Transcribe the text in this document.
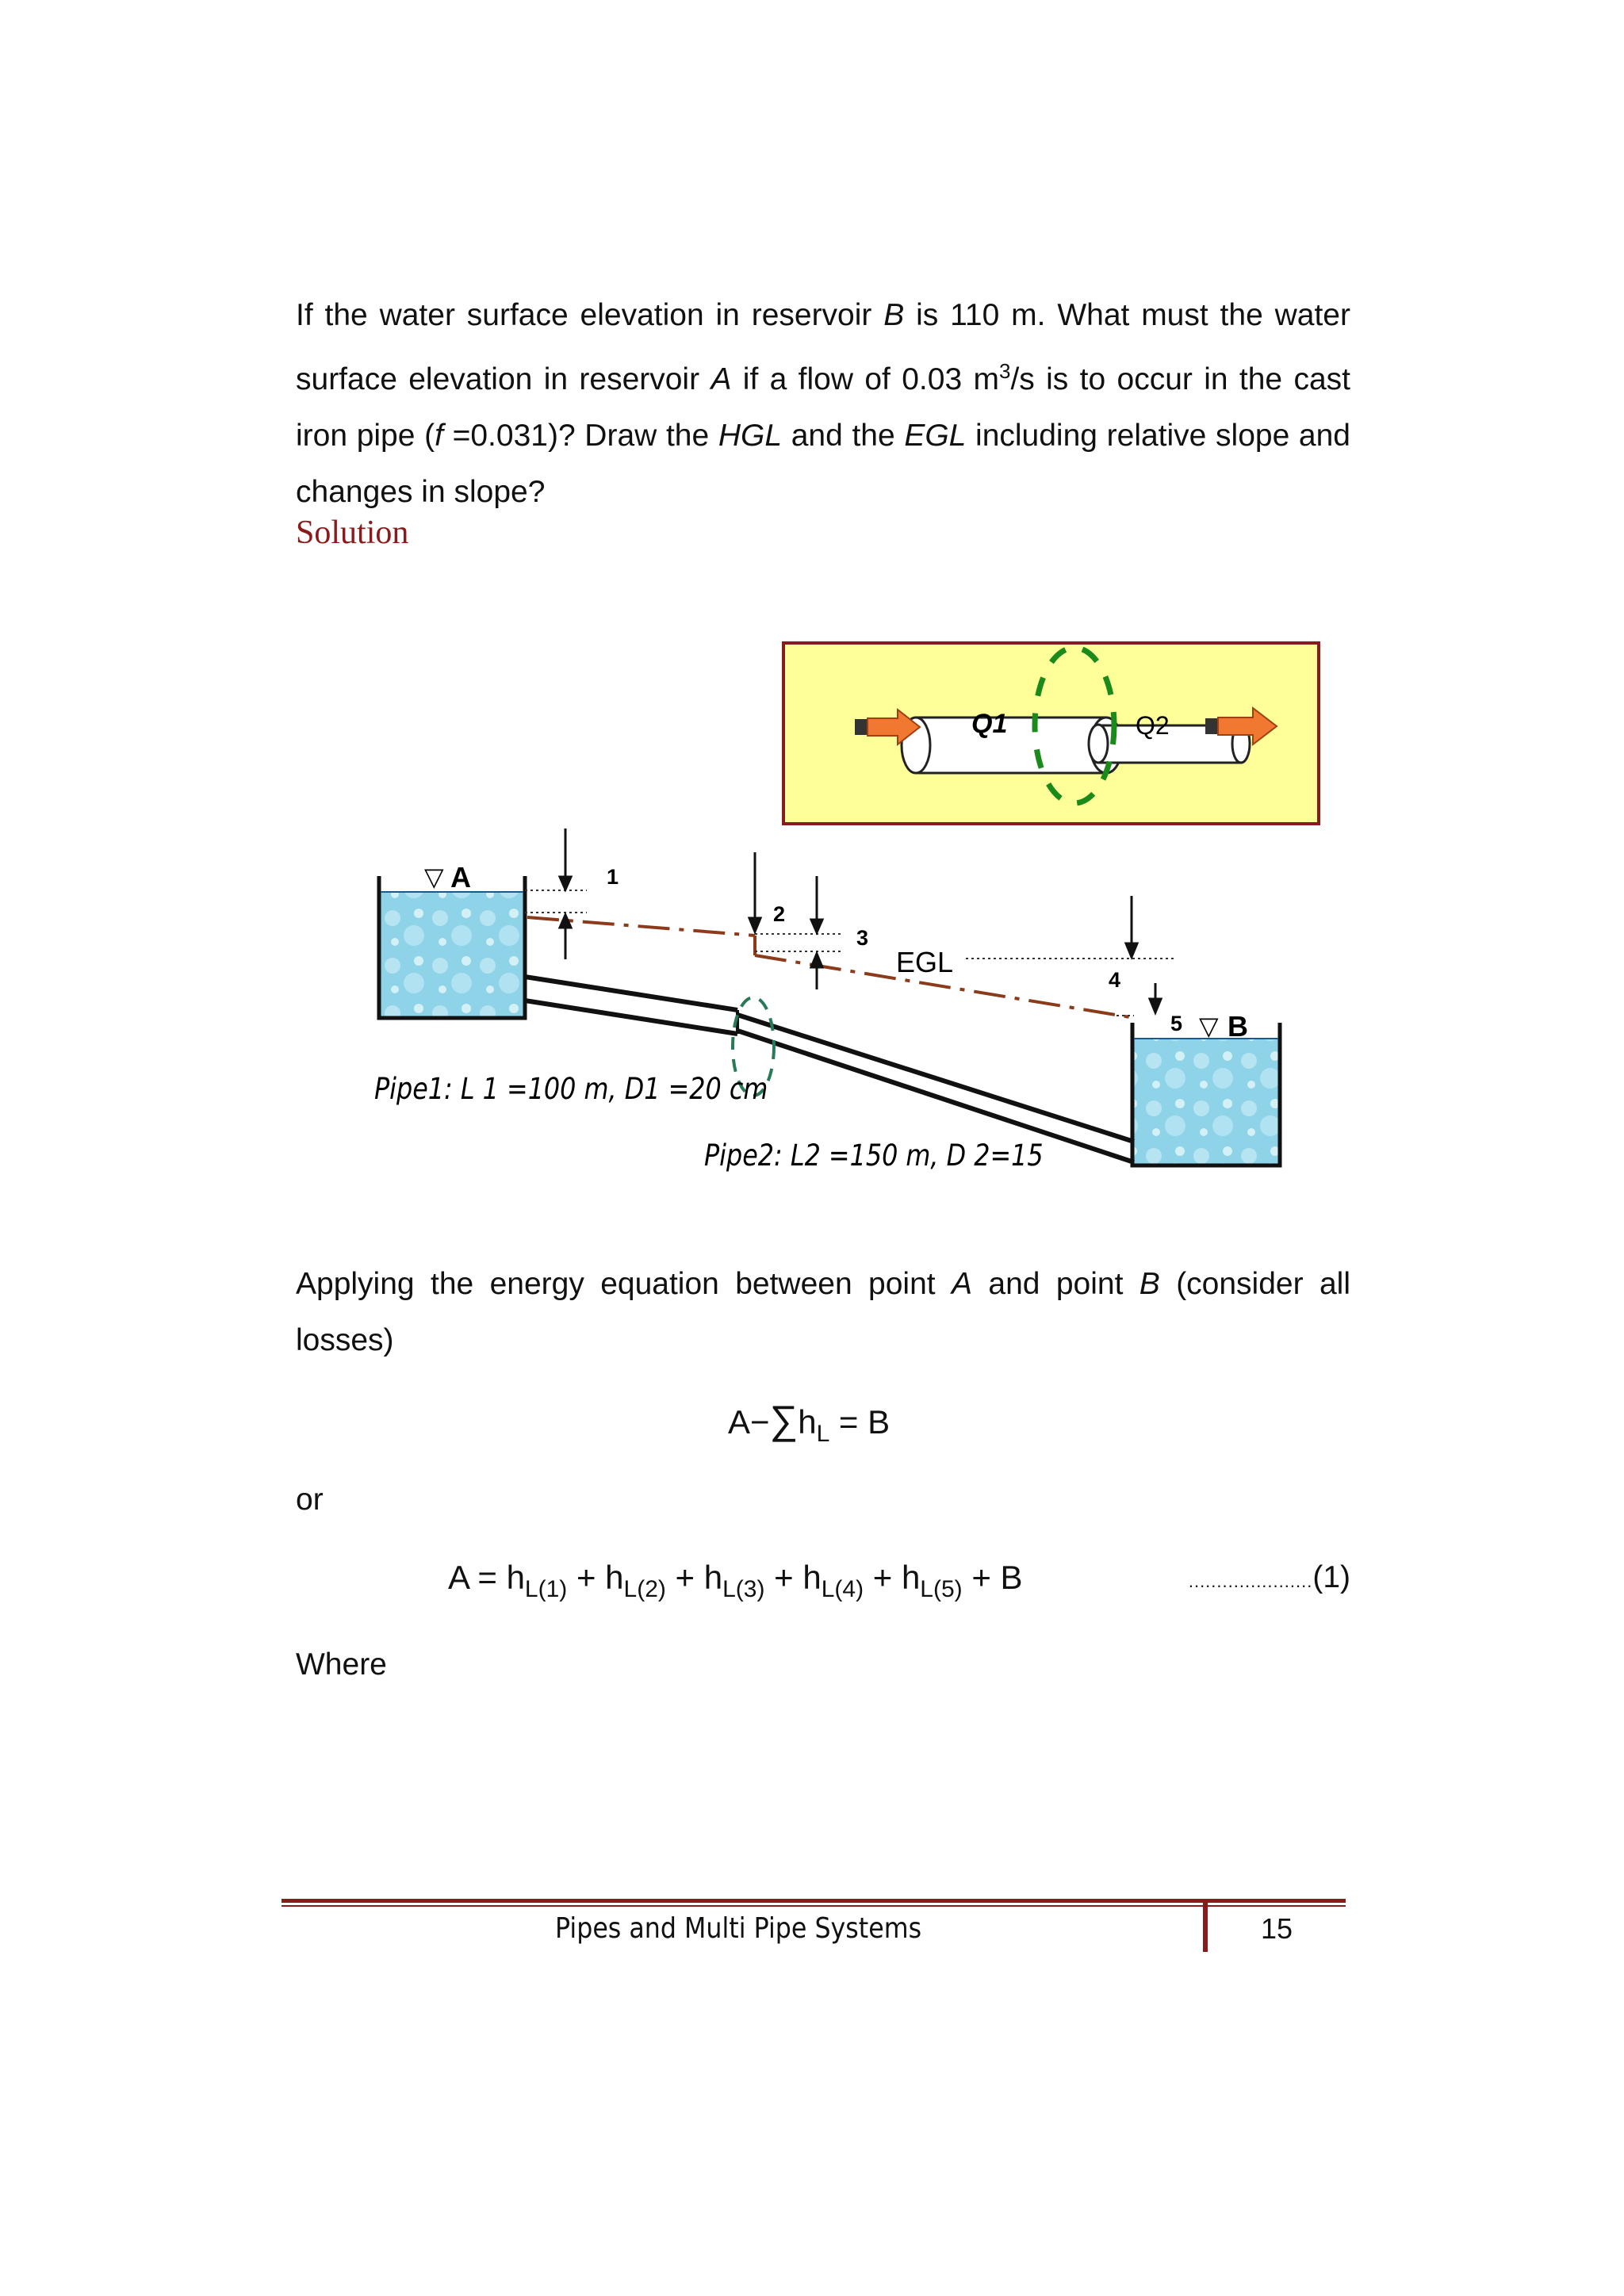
If the water surface elevation in reservoir B is 110 m. What must the water surface elevation in reservoir A if a flow of 0.03 $m^3/s$ is to occur in the cast iron pipe (f =0.031)? Draw the HGL and the EGL including relative slope and changes in slope?

Solution

Q1	Q2
▽ A
▽ B
1
2
3
4
5
EGL
Pipe1: L 1 =100 m, D1 =20 cm
Pipe2: L2 =150 m, D 2=15

Applying the energy equation between point A and point B (consider all losses)

$A-\sum h_L = B$

or

$A = h_{L(1)} + h_{L(2)} + h_{L(3)} + h_{L(4)} + h_{L(5)} + B$	......................(1)

Where

Pipes and Multi Pipe Systems	15
